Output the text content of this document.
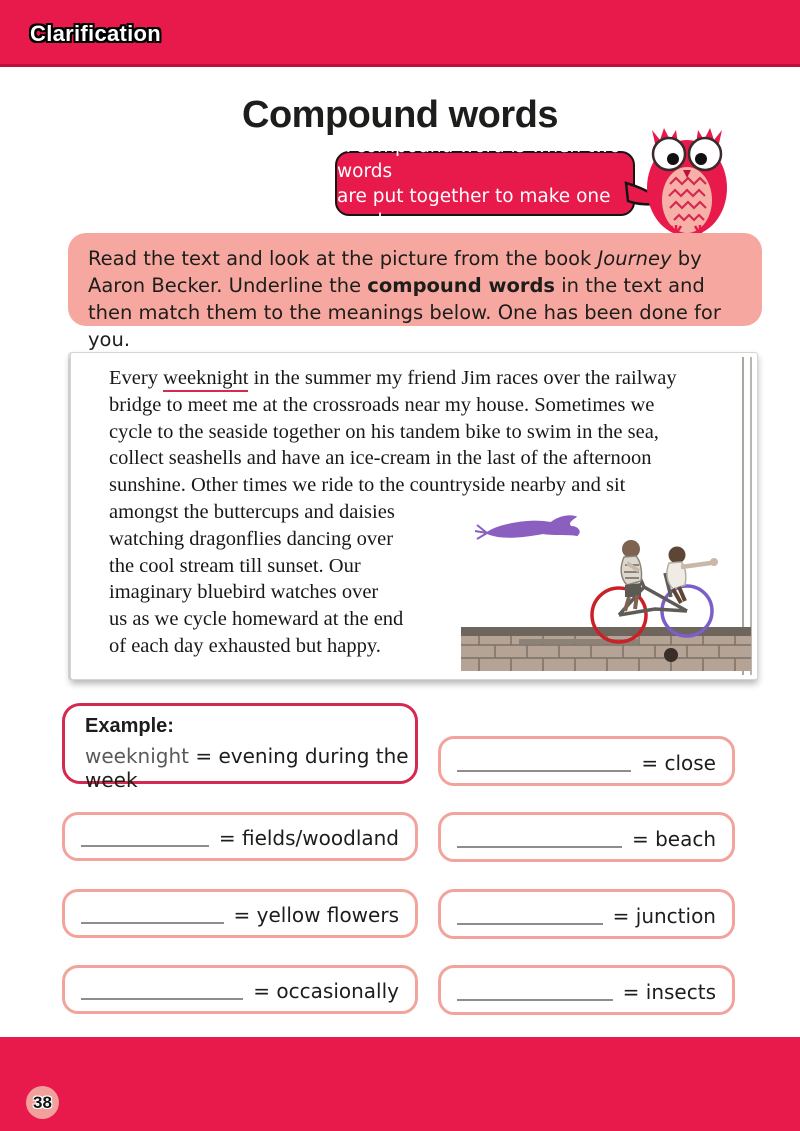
Clarification
Compound words
A compound word is when two words
are put together to make one word.
Read the text and look at the picture from the book Journey by Aaron Becker. Underline the compound words in the text and then match them to the meanings below. One has been done for you.
Every weeknight in the summer my friend Jim races over the railway
bridge to meet me at the crossroads near my house. Sometimes we
cycle to the seaside together on his tandem bike to swim in the sea,
collect seashells and have an ice-cream in the last of the afternoon
sunshine. Other times we ride to the countryside nearby and sit
amongst the buttercups and daisies
watching dragonflies dancing over
the cool stream till sunset. Our
imaginary bluebird watches over
us as we cycle homeward at the end
of each day exhausted but happy.
Example:
weeknight = evening during the week
= close
= beach
= junction
= insects
= fields/woodland
= yellow flowers
= occasionally
38
